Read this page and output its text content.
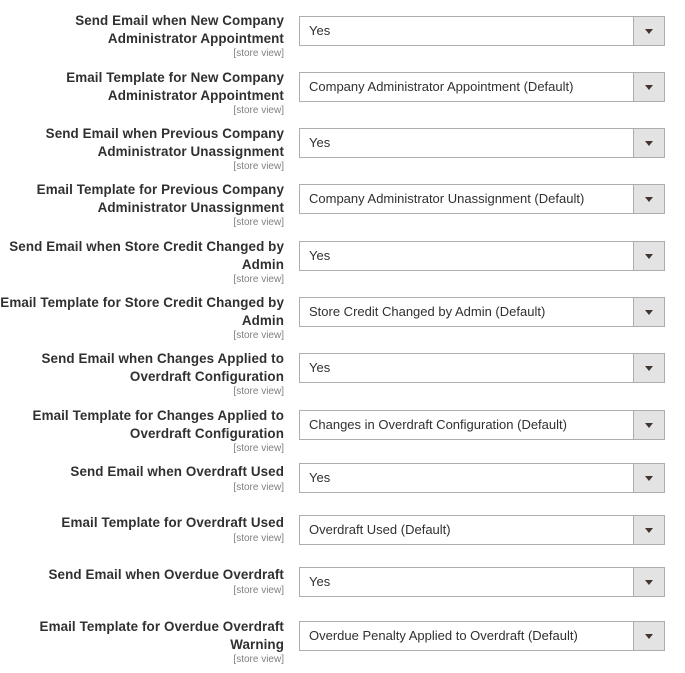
Send Email when New Company
Administrator Appointment
[store view]
Yes
Email Template for New Company
Administrator Appointment
[store view]
Company Administrator Appointment (Default)
Send Email when Previous Company
Administrator Unassignment
[store view]
Yes
Email Template for Previous Company
Administrator Unassignment
[store view]
Company Administrator Unassignment (Default)
Send Email when Store Credit Changed by
Admin
[store view]
Yes
Email Template for Store Credit Changed by
Admin
[store view]
Store Credit Changed by Admin (Default)
Send Email when Changes Applied to
Overdraft Configuration
[store view]
Yes
Email Template for Changes Applied to
Overdraft Configuration
[store view]
Changes in Overdraft Configuration (Default)
Send Email when Overdraft Used
[store view]
Yes
Email Template for Overdraft Used
[store view]
Overdraft Used (Default)
Send Email when Overdue Overdraft
[store view]
Yes
Email Template for Overdue Overdraft
Warning
[store view]
Overdue Penalty Applied to Overdraft (Default)
